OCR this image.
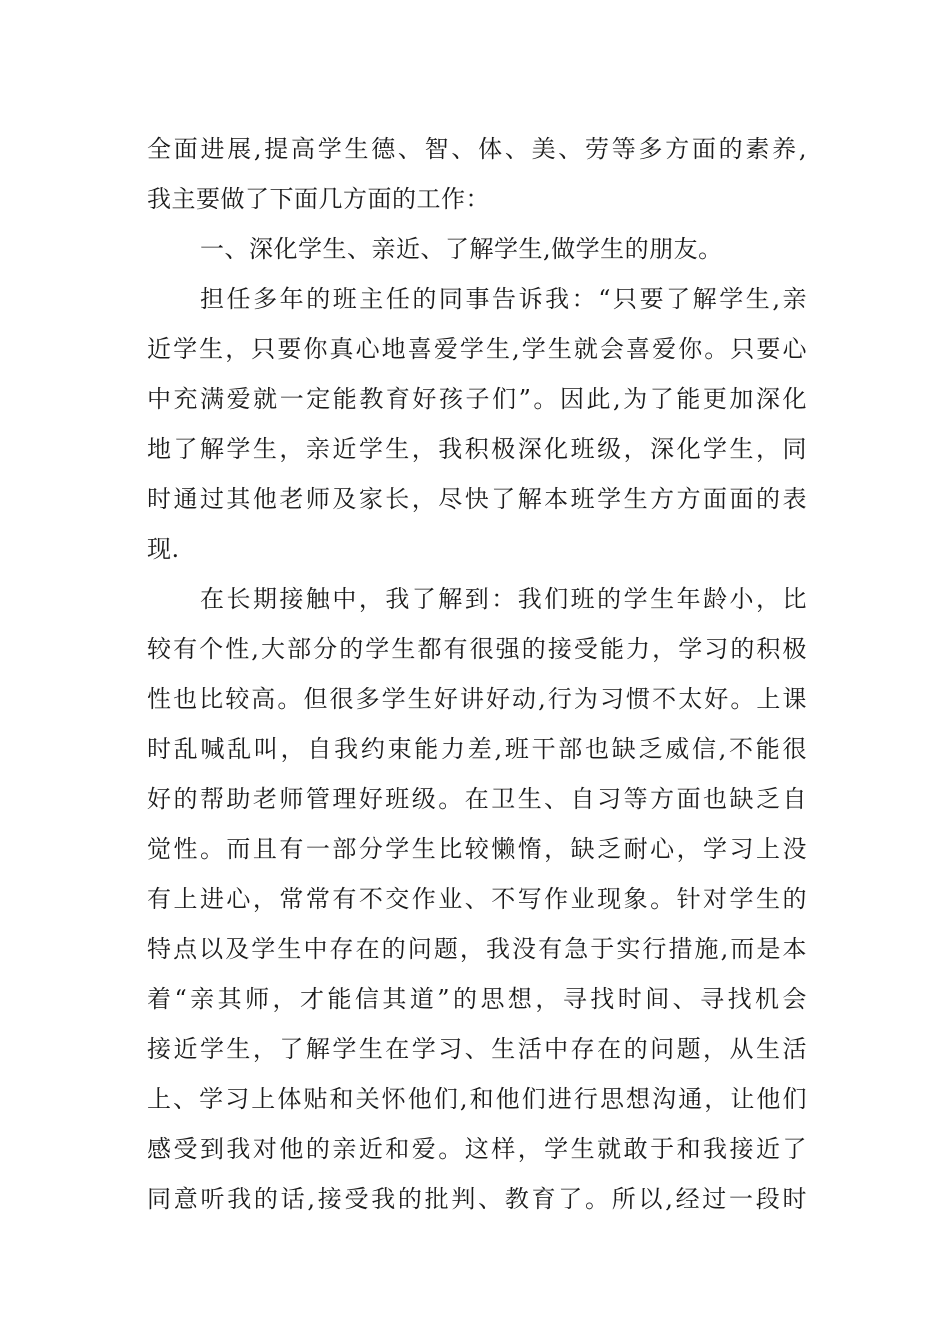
全面进展,提高学生德、智、体、美、劳等多方面的素养,
我主要做了下面几方面的工作：
一、深化学生、亲近、了解学生,做学生的朋友。
担任多年的班主任的同事告诉我：“只要了解学生,亲
近学生，只要你真心地喜爱学生,学生就会喜爱你。只要心
中充满爱就一定能教育好孩子们”。因此,为了能更加深化
地了解学生，亲近学生，我积极深化班级，深化学生，同
时通过其他老师及家长，尽快了解本班学生方方面面的表
现.
在长期接触中，我了解到：我们班的学生年龄小，比
较有个性,大部分的学生都有很强的接受能力，学习的积极
性也比较高。但很多学生好讲好动,行为习惯不太好。上课
时乱喊乱叫，自我约束能力差,班干部也缺乏威信,不能很
好的帮助老师管理好班级。在卫生、自习等方面也缺乏自
觉性。而且有一部分学生比较懒惰，缺乏耐心，学习上没
有上进心，常常有不交作业、不写作业现象。针对学生的
特点以及学生中存在的问题，我没有急于实行措施,而是本
着“亲其师，才能信其道”的思想，寻找时间、寻找机会
接近学生，了解学生在学习、生活中存在的问题，从生活
上、学习上体贴和关怀他们,和他们进行思想沟通，让他们
感受到我对他的亲近和爱。这样，学生就敢于和我接近了
同意听我的话,接受我的批判、教育了。所以,经过一段时
